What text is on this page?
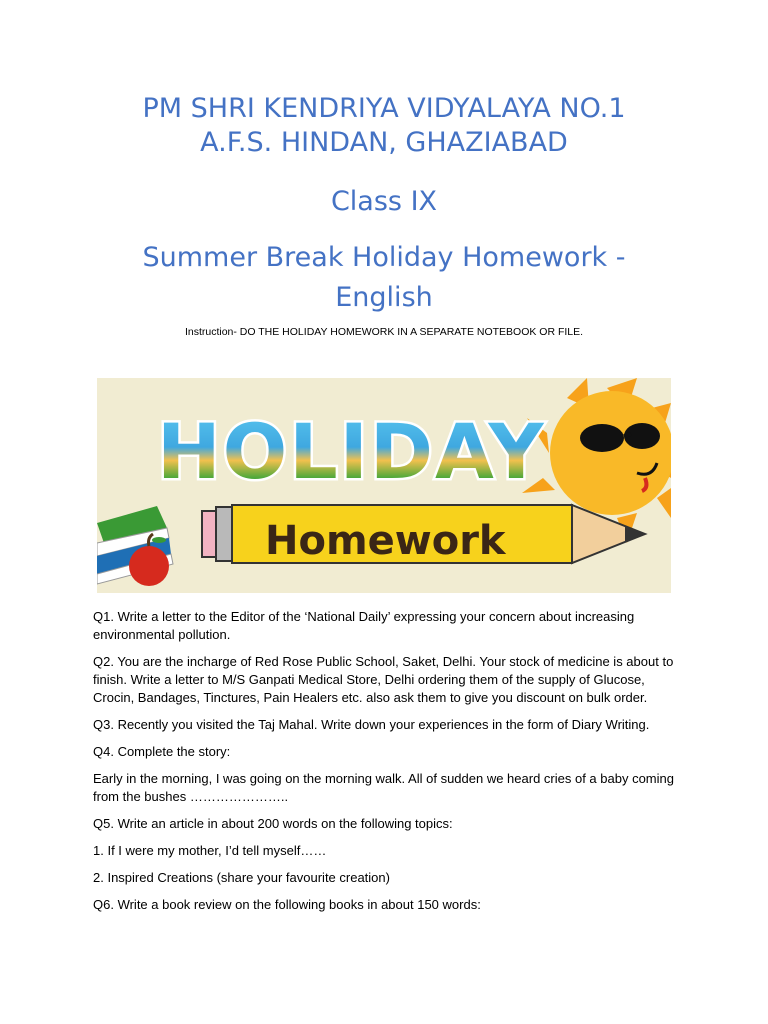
PM SHRI KENDRIYA VIDYALAYA NO.1
A.F.S. HINDAN, GHAZIABAD
Class IX
Summer Break Holiday Homework -
English
Instruction- DO THE HOLIDAY HOMEWORK IN A SEPARATE NOTEBOOK OR FILE.
HOLIDAY
Homework

Q1. Write a letter to the Editor of the ‘National Daily’ expressing your concern about increasing environmental pollution.

Q2. You are the incharge of Red Rose Public School, Saket, Delhi. Your stock of medicine is about to finish. Write a letter to M/S Ganpati Medical Store, Delhi ordering them of the supply of Glucose, Crocin, Bandages, Tinctures, Pain Healers etc. also ask them to give you discount on bulk order.

Q3. Recently you visited the Taj Mahal. Write down your experiences in the form of Diary Writing.

Q4. Complete the story:

Early in the morning, I was going on the morning walk. All of sudden we heard cries of a baby coming from the bushes …………………..

Q5. Write an article in about 200 words on the following topics:

1. If I were my mother, I’d tell myself……

2. Inspired Creations (share your favourite creation)

Q6. Write a book review on the following books in about 150 words:
